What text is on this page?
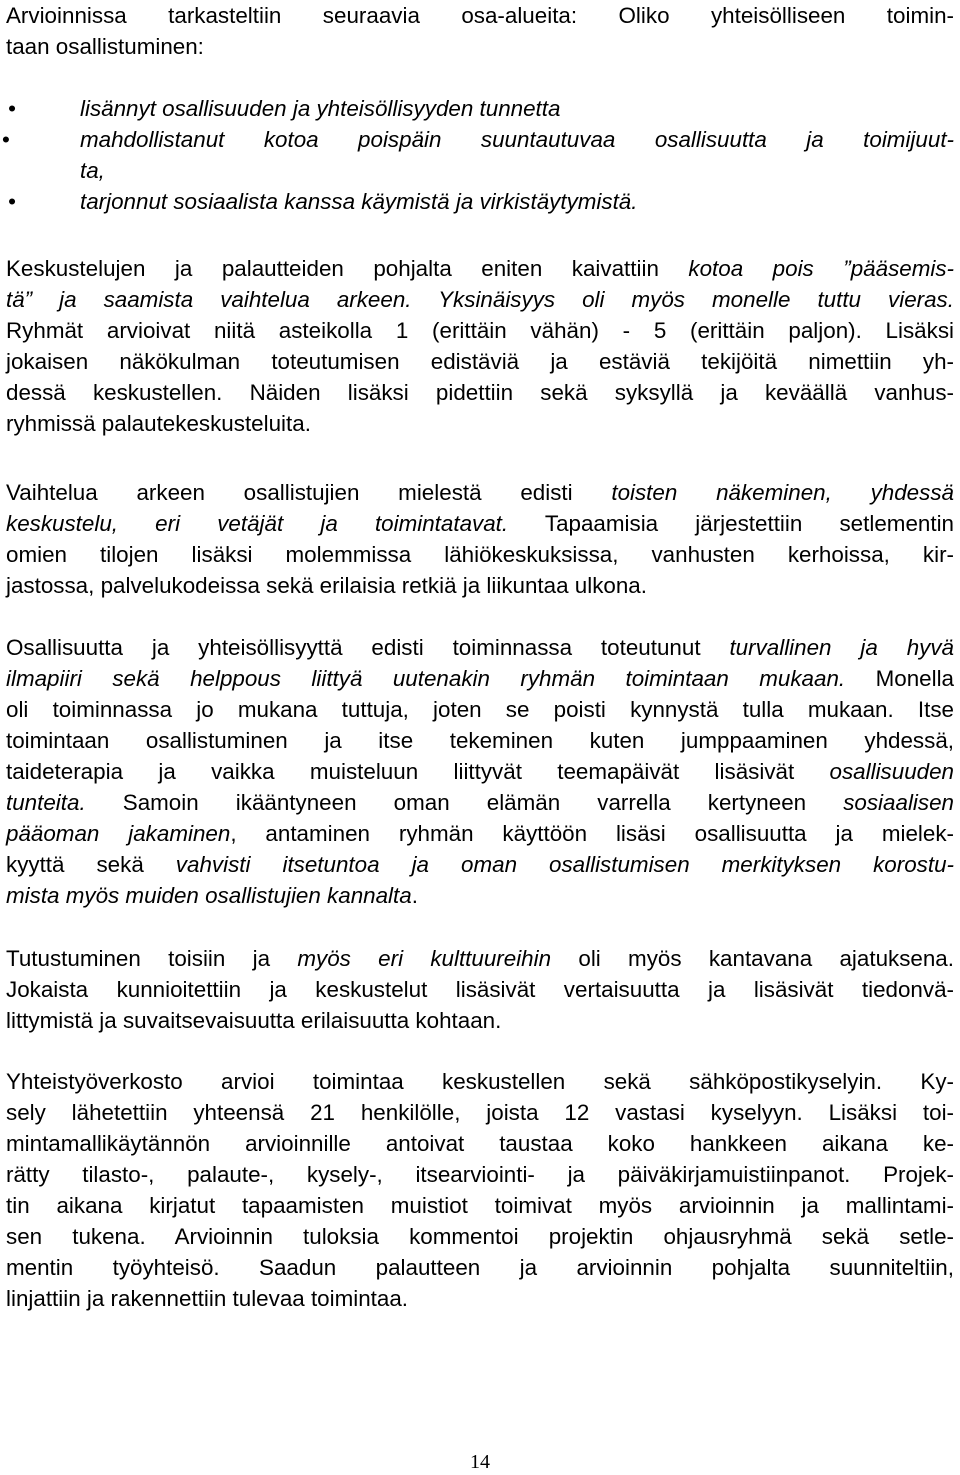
Arvioinnissa tarkasteltiin seuraavia osa-alueita: Oliko yhteisölliseen toimin-
taan osallistuminen:
•	lisännyt osallisuuden ja yhteisöllisyyden tunnetta
•	mahdollistanut kotoa poispäin suuntautuvaa osallisuutta ja toimijuut-
ta,
•	tarjonnut sosiaalista kanssa käymistä ja virkistäytymistä.
Keskustelujen ja palautteiden pohjalta eniten kaivattiin kotoa pois ”pääsemis-
tä” ja saamista vaihtelua arkeen. Yksinäisyys oli myös monelle tuttu vieras.
Ryhmät arvioivat niitä asteikolla 1 (erittäin vähän) - 5 (erittäin paljon). Lisäksi
jokaisen näkökulman toteutumisen edistäviä ja estäviä tekijöitä nimettiin yh-
dessä keskustellen. Näiden lisäksi pidettiin sekä syksyllä ja keväällä vanhus-
ryhmissä palautekeskusteluita.
Vaihtelua arkeen osallistujien mielestä edisti toisten näkeminen, yhdessä
keskustelu, eri vetäjät ja toimintatavat. Tapaamisia järjestettiin setlementin
omien tilojen lisäksi molemmissa lähiökeskuksissa, vanhusten kerhoissa, kir-
jastossa, palvelukodeissa sekä erilaisia retkiä ja liikuntaa ulkona.
Osallisuutta ja yhteisöllisyyttä edisti toiminnassa toteutunut turvallinen ja hyvä
ilmapiiri sekä helppous liittyä uutenakin ryhmän toimintaan mukaan. Monella
oli toiminnassa jo mukana tuttuja, joten se poisti kynnystä tulla mukaan. Itse
toimintaan osallistuminen ja itse tekeminen kuten jumppaaminen yhdessä,
taideterapia ja vaikka muisteluun liittyvät teemapäivät lisäsivät osallisuuden
tunteita. Samoin ikääntyneen oman elämän varrella kertyneen sosiaalisen
pääoman jakaminen, antaminen ryhmän käyttöön lisäsi osallisuutta ja mielek-
kyyttä sekä vahvisti itsetuntoa ja oman osallistumisen merkityksen korostu-
mista myös muiden osallistujien kannalta.
Tutustuminen toisiin ja myös eri kulttuureihin oli myös kantavana ajatuksena.
Jokaista kunnioitettiin ja keskustelut lisäsivät vertaisuutta ja lisäsivät tiedonvä-
littymistä ja suvaitsevaisuutta erilaisuutta kohtaan.
Yhteistyöverkosto arvioi toimintaa keskustellen sekä sähköpostikyselyin. Ky-
sely lähetettiin yhteensä 21 henkilölle, joista 12 vastasi kyselyyn. Lisäksi toi-
mintamallikäytännön arvioinnille antoivat taustaa koko hankkeen aikana ke-
rätty tilasto-, palaute-, kysely-, itsearviointi- ja päiväkirjamuistiinpanot. Projek-
tin aikana kirjatut tapaamisten muistiot toimivat myös arvioinnin ja mallintami-
sen tukena. Arvioinnin tuloksia kommentoi projektin ohjausryhmä sekä setle-
mentin työyhteisö. Saadun palautteen ja arvioinnin pohjalta suunniteltiin,
linjattiin ja rakennettiin tulevaa toimintaa.
14
